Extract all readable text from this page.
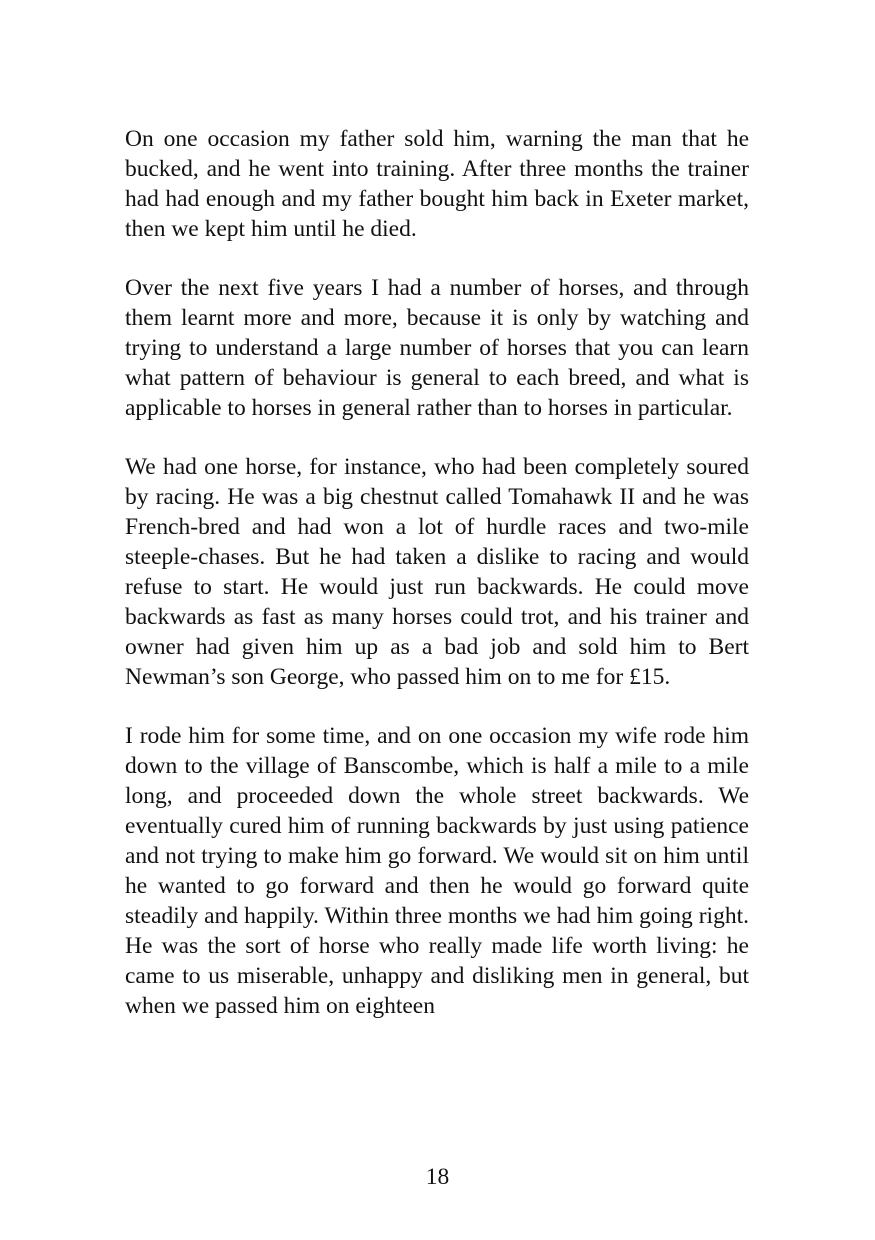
On one occasion my father sold him, warning the man that he bucked, and he went into training. After three months the trainer had had enough and my father bought him back in Exeter market, then we kept him until he died.

Over the next five years I had a number of horses, and through them learnt more and more, because it is only by watching and trying to understand a large number of horses that you can learn what pattern of behaviour is general to each breed, and what is applicable to horses in general rather than to horses in particular.

We had one horse, for instance, who had been completely soured by racing. He was a big chestnut called Tomahawk II and he was French-bred and had won a lot of hurdle races and two-mile steeple-chases. But he had taken a dislike to racing and would refuse to start. He would just run backwards. He could move backwards as fast as many horses could trot, and his trainer and owner had given him up as a bad job and sold him to Bert Newman’s son George, who passed him on to me for £15.

I rode him for some time, and on one occasion my wife rode him down to the village of Banscombe, which is half a mile to a mile long, and proceeded down the whole street backwards. We eventually cured him of running backwards by just using patience and not trying to make him go forward. We would sit on him until he wanted to go forward and then he would go forward quite steadily and happily. Within three months we had him going right. He was the sort of horse who really made life worth living: he came to us miserable, unhappy and disliking men in general, but when we passed him on eighteen

18
